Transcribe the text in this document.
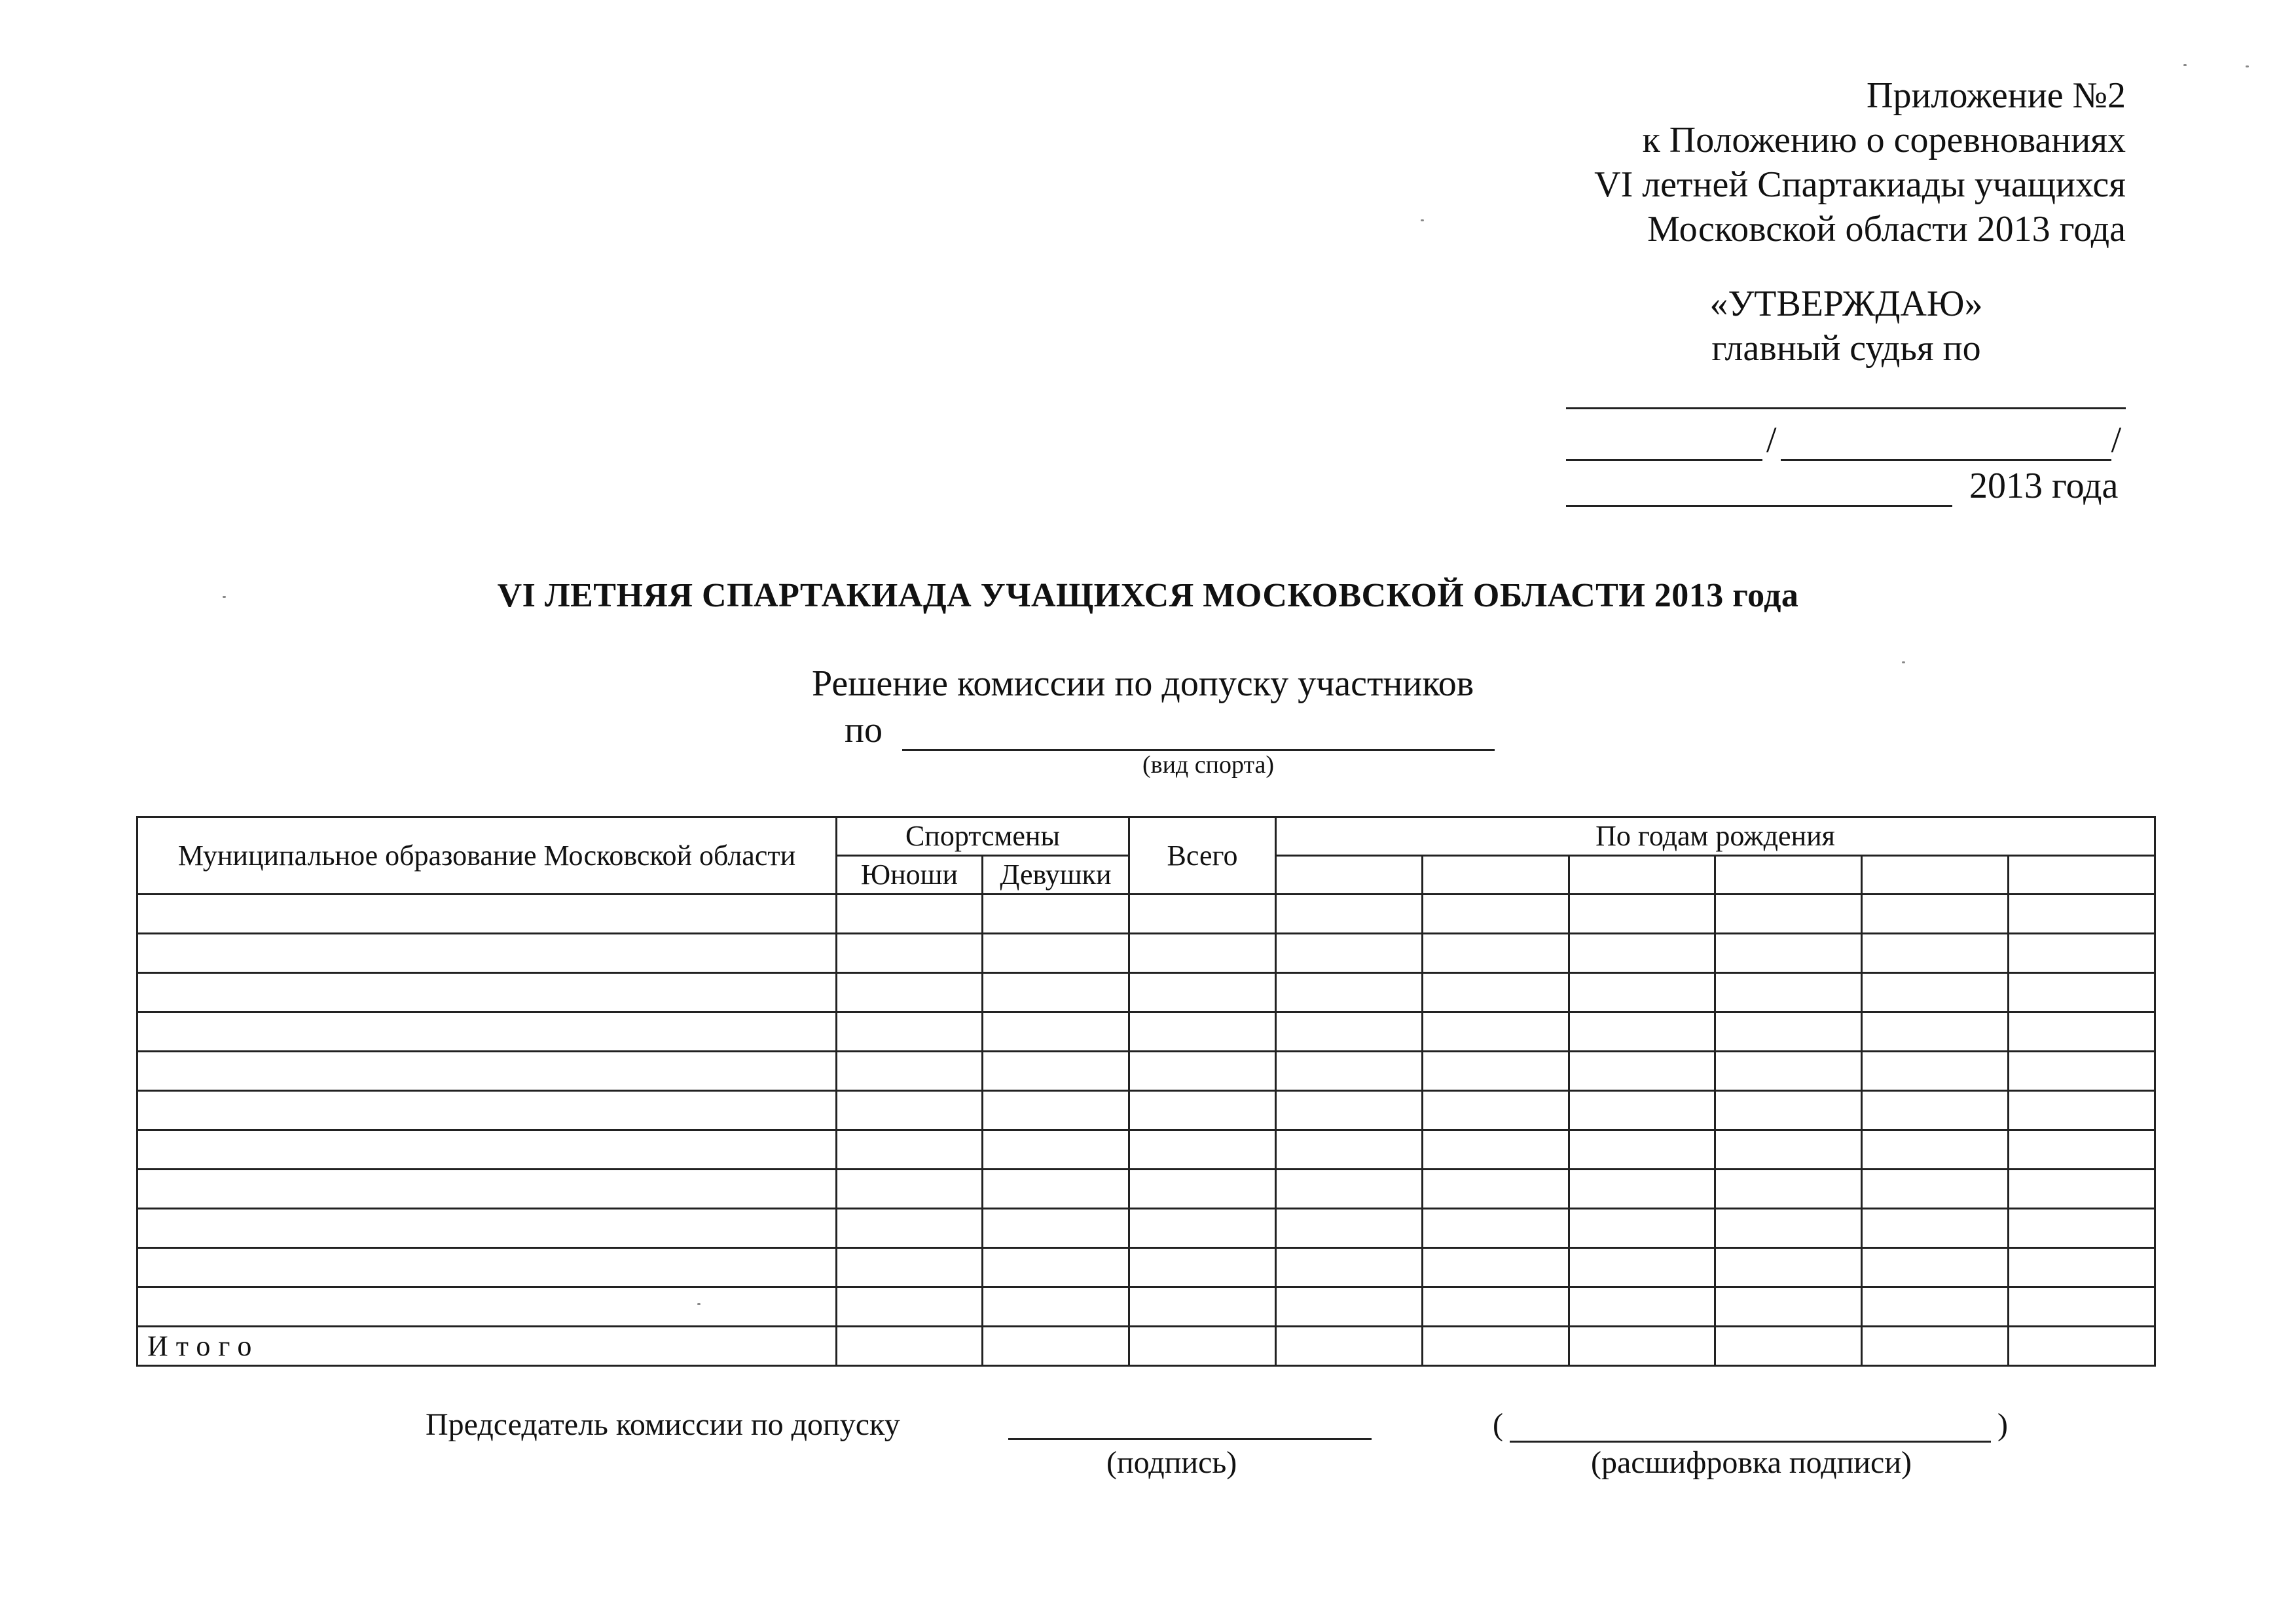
Приложение №2
к Положению о соревнованиях
VI летней Спартакиады учащихся
Московской области 2013 года
«УТВЕРЖДАЮ»
главный судья по
/	/
2013 года
VI ЛЕТНЯЯ СПАРТАКИАДА УЧАЩИХСЯ МОСКОВСКОЙ ОБЛАСТИ 2013 года
Решение комиссии по допуску участников
по
(вид спорта)
Муниципальное образование Московской области	Спортсмены		Всего	По годам рождения					
	Юноши	Девушки							

Итого									
Председатель комиссии по допуску
(подпись)
(	)
(расшифровка подписи)
